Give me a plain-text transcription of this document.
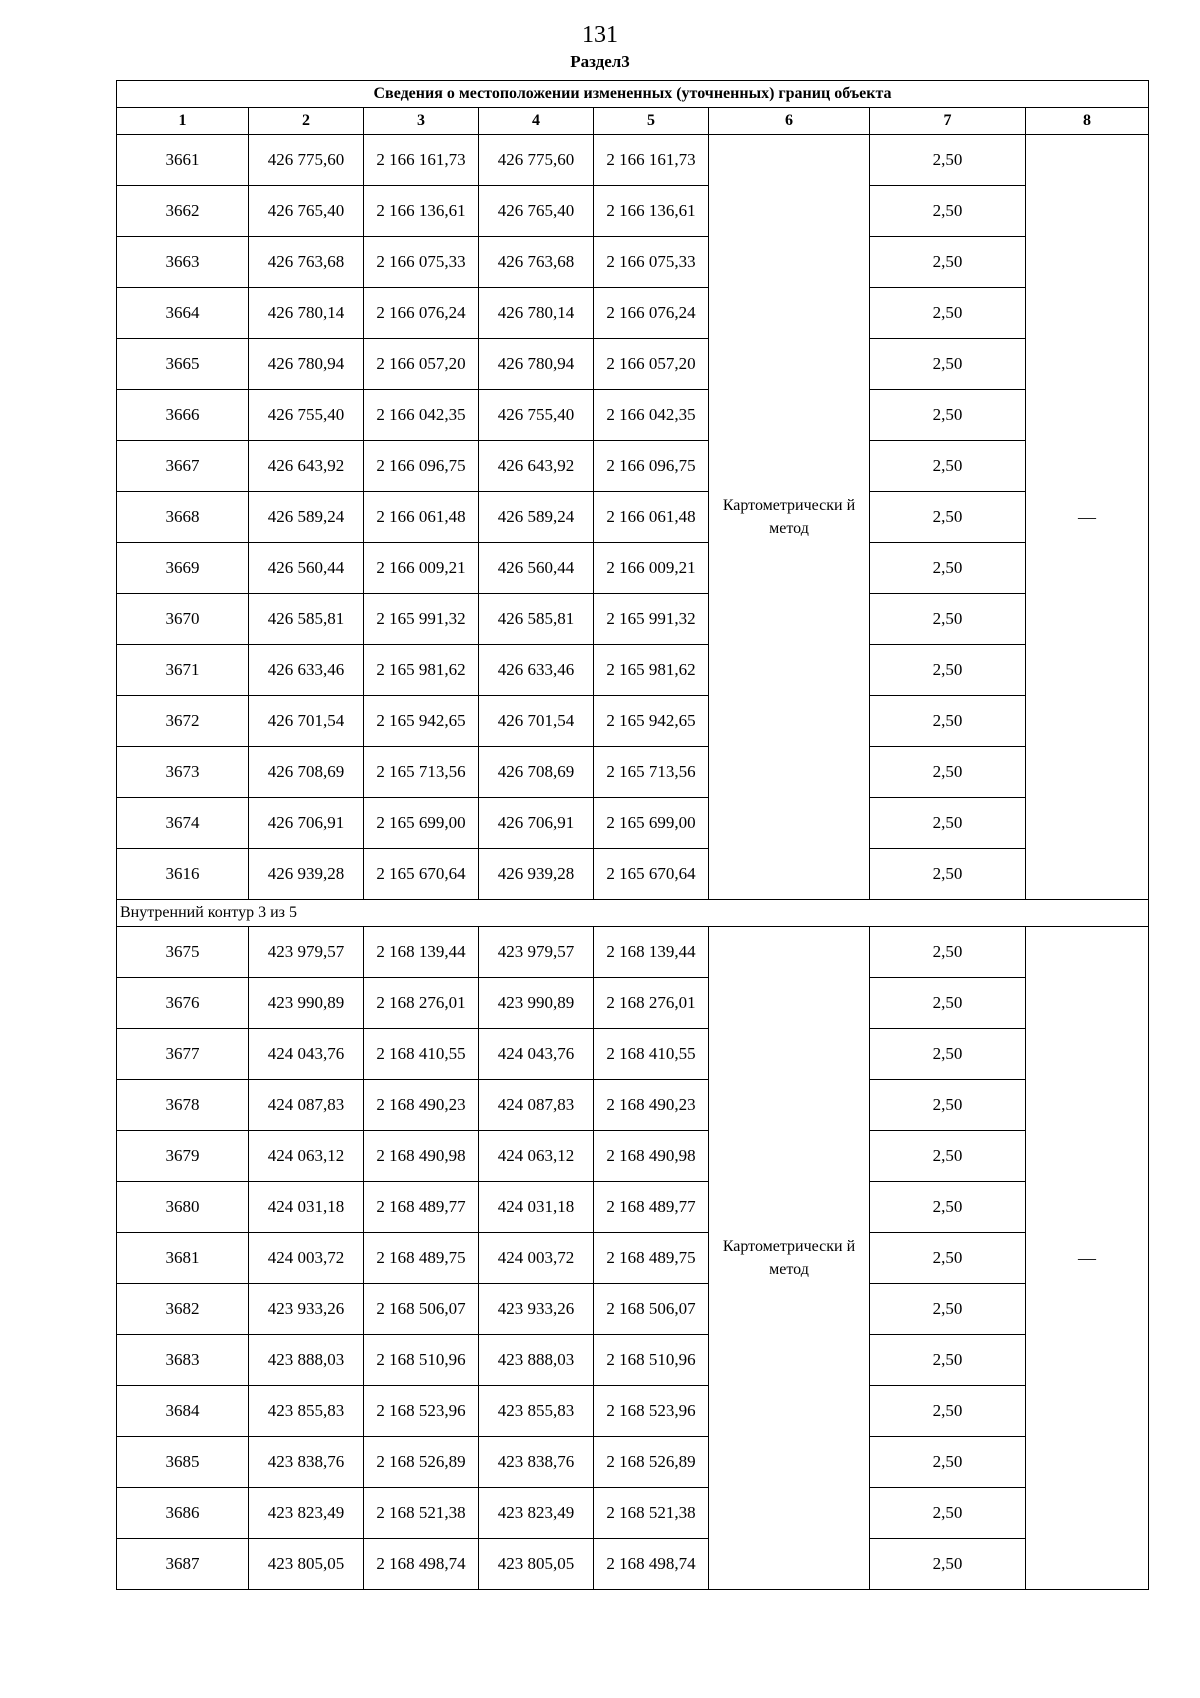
131
Раздел3
Сведения о местоположении измененных (уточненных) границ объекта							
1	2	3	4	5	6	7	8
3661	426 775,60	2 166 161,73	426 775,60	2 166 161,73	Картометрически й метод	2,50	—
3662	426 765,40	2 166 136,61	426 765,40	2 166 136,61		2,50	
3663	426 763,68	2 166 075,33	426 763,68	2 166 075,33		2,50	
3664	426 780,14	2 166 076,24	426 780,14	2 166 076,24		2,50	
3665	426 780,94	2 166 057,20	426 780,94	2 166 057,20		2,50	
3666	426 755,40	2 166 042,35	426 755,40	2 166 042,35		2,50	
3667	426 643,92	2 166 096,75	426 643,92	2 166 096,75		2,50	
3668	426 589,24	2 166 061,48	426 589,24	2 166 061,48		2,50	
3669	426 560,44	2 166 009,21	426 560,44	2 166 009,21		2,50	
3670	426 585,81	2 165 991,32	426 585,81	2 165 991,32		2,50	
3671	426 633,46	2 165 981,62	426 633,46	2 165 981,62		2,50	
3672	426 701,54	2 165 942,65	426 701,54	2 165 942,65		2,50	
3673	426 708,69	2 165 713,56	426 708,69	2 165 713,56		2,50	
3674	426 706,91	2 165 699,00	426 706,91	2 165 699,00		2,50	
3616	426 939,28	2 165 670,64	426 939,28	2 165 670,64		2,50	
Внутренний контур 3 из 5							
3675	423 979,57	2 168 139,44	423 979,57	2 168 139,44	Картометрически й метод	2,50	—
3676	423 990,89	2 168 276,01	423 990,89	2 168 276,01		2,50	
3677	424 043,76	2 168 410,55	424 043,76	2 168 410,55		2,50	
3678	424 087,83	2 168 490,23	424 087,83	2 168 490,23		2,50	
3679	424 063,12	2 168 490,98	424 063,12	2 168 490,98		2,50	
3680	424 031,18	2 168 489,77	424 031,18	2 168 489,77		2,50	
3681	424 003,72	2 168 489,75	424 003,72	2 168 489,75		2,50	
3682	423 933,26	2 168 506,07	423 933,26	2 168 506,07		2,50	
3683	423 888,03	2 168 510,96	423 888,03	2 168 510,96		2,50	
3684	423 855,83	2 168 523,96	423 855,83	2 168 523,96		2,50	
3685	423 838,76	2 168 526,89	423 838,76	2 168 526,89		2,50	
3686	423 823,49	2 168 521,38	423 823,49	2 168 521,38		2,50	
3687	423 805,05	2 168 498,74	423 805,05	2 168 498,74		2,50	
